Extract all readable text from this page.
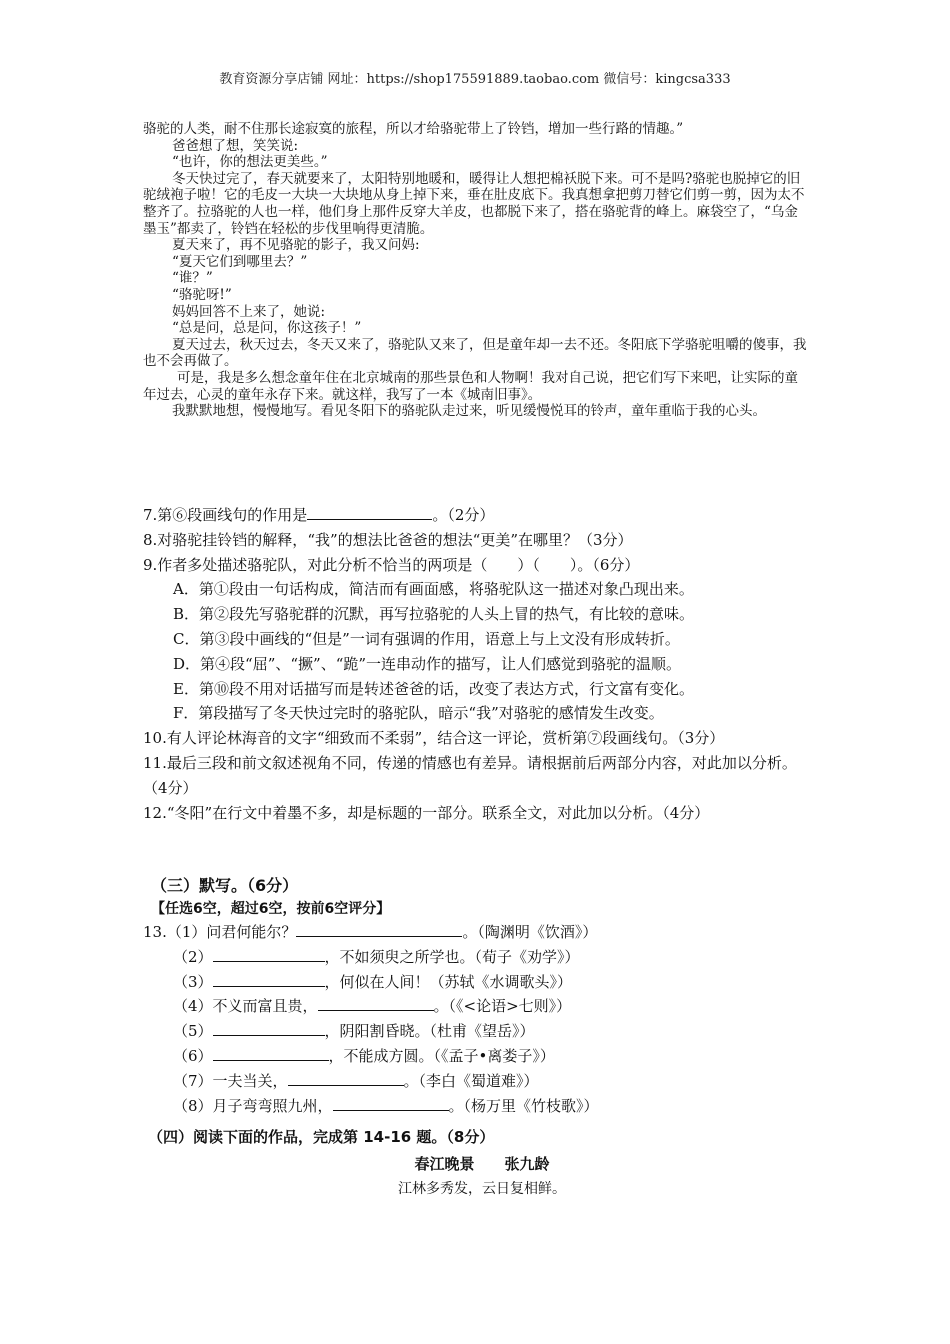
教育资源分享店铺 网址：https://shop175591889.taobao.com 微信号：kingcsa333

骆驼的人类，耐不住那长途寂寞的旅程，所以才给骆驼带上了铃铛，增加一些行路的情趣。”

爸爸想了想，笑笑说:

“也许，你的想法更美些。”

冬天快过完了，春天就要来了，太阳特别地暖和，暖得让人想把棉袄脱下来。可不是吗?骆驼也脱掉它的旧驼绒袍子啦！它的毛皮一大块一大块地从身上掉下来，垂在肚皮底下。我真想拿把剪刀替它们剪一剪，因为太不整齐了。拉骆驼的人也一样，他们身上那件反穿大羊皮，也都脱下来了，搭在骆驼背的峰上。麻袋空了，“乌金墨玉”都卖了，铃铛在轻松的步伐里响得更清脆。

夏天来了，再不见骆驼的影子，我又问妈:

“夏天它们到哪里去？”

“谁？”

“骆驼呀!”

妈妈回答不上来了，她说:

“总是问，总是问，你这孩子！”

夏天过去，秋天过去，冬天又来了，骆驼队又来了，但是童年却一去不还。冬阳底下学骆驼咀嚼的傻事，我也不会再做了。

可是，我是多么想念童年住在北京城南的那些景色和人物啊！我对自己说，把它们写下来吧，让实际的童年过去，心灵的童年永存下来。就这样，我写了一本《城南旧事》。

我默默地想，慢慢地写。看见冬阳下的骆驼队走过来，听见缓慢悦耳的铃声，童年重临于我的心头。

7.第⑥段画线句的作用是	。（2分）

8.对骆驼挂铃铛的解释，“我”的想法比爸爸的想法“更美”在哪里？（3分）

9.作者多处描述骆驼队，对此分析不恰当的两项是（　　）（　　）。（6分）

A．第①段由一句话构成，简洁而有画面感，将骆驼队这一描述对象凸现出来。

B．第②段先写骆驼群的沉默，再写拉骆驼的人头上冒的热气，有比较的意味。

C．第③段中画线的“但是”一词有强调的作用，语意上与上文没有形成转折。

D．第④段“屈”、“撅”、“跪”一连串动作的描写，让人们感觉到骆驼的温顺。

E．第⑩段不用对话描写而是转述爸爸的话，改变了表达方式，行文富有变化。

F．第段描写了冬天快过完时的骆驼队，暗示“我”对骆驼的感情发生改变。

10.有人评论林海音的文字“细致而不柔弱”，结合这一评论，赏析第⑦段画线句。（3分）

11.最后三段和前文叙述视角不同，传递的情感也有差异。请根据前后两部分内容，对此加以分析。（4分）

12.“冬阳”在行文中着墨不多，却是标题的一部分。联系全文，对此加以分析。（4分）

（三）默写。（6分）

【任选6空，超过6空，按前6空评分】

13.（1）问君何能尔？	。（陶渊明《饮酒》）

（2）	，不如须臾之所学也。（荀子《劝学》）

（3）	，何似在人间！（苏轼《水调歌头》）

（4）不义而富且贵，	。（《<论语>七则》）

（5）	，阴阳割昏晓。（杜甫《望岳》）

（6）	，不能成方圆。（《孟子•离娄子》）

（7）一夫当关，	。（李白《蜀道难》）

（8）月子弯弯照九州，	。（杨万里《竹枝歌》）

（四）阅读下面的作品，完成第 14-16 题。（8分）

春江晚景　　张九龄

江林多秀发，云日复相鲜。
